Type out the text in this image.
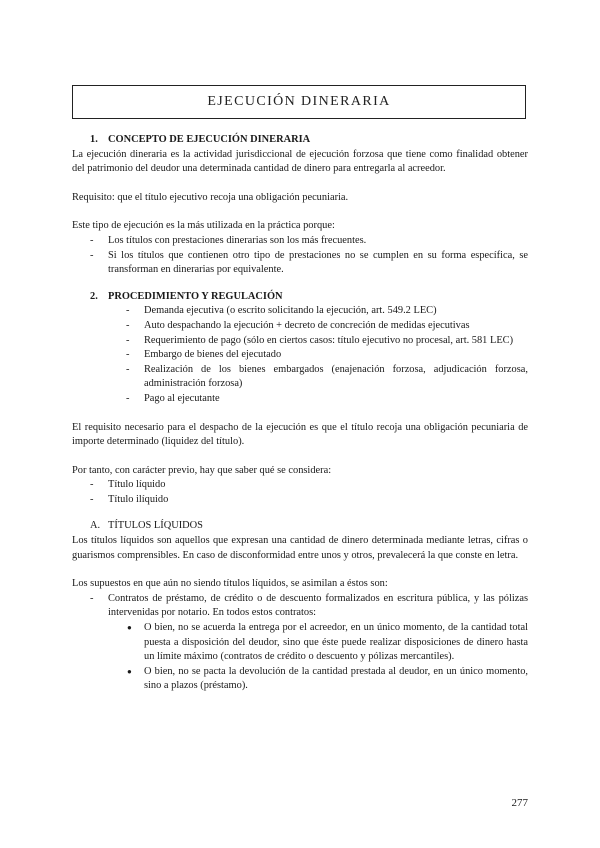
EJECUCIÓN DINERARIA

1. CONCEPTO DE EJECUCIÓN DINERARIA

La ejecución dineraria es la actividad jurisdiccional de ejecución forzosa que tiene como finalidad obtener del patrimonio del deudor una determinada cantidad de dinero para entregarla al acreedor.

Requisito: que el título ejecutivo recoja una obligación pecuniaria.

Este tipo de ejecución es la más utilizada en la práctica porque:

- Los títulos con prestaciones dinerarias son los más frecuentes.
- Si los títulos que contienen otro tipo de prestaciones no se cumplen en su forma específica, se transforman en dinerarias por equivalente.

2. PROCEDIMIENTO Y REGULACIÓN

- Demanda ejecutiva (o escrito solicitando la ejecución, art. 549.2 LEC)
- Auto despachando la ejecución + decreto de concreción de medidas ejecutivas
- Requerimiento de pago (sólo en ciertos casos: título ejecutivo no procesal, art. 581 LEC)
- Embargo de bienes del ejecutado
- Realización de los bienes embargados (enajenación forzosa, adjudicación forzosa, administración forzosa)
- Pago al ejecutante

El requisito necesario para el despacho de la ejecución es que el título recoja una obligación pecuniaria de importe determinado (liquidez del título).

Por tanto, con carácter previo, hay que saber qué se considera:

- Título líquido
- Título ilíquido

A. TÍTULOS LÍQUIDOS

Los títulos líquidos son aquellos que expresan una cantidad de dinero determinada mediante letras, cifras o guarismos comprensibles. En caso de disconformidad entre unos y otros, prevalecerá la que conste en letra.

Los supuestos en que aún no siendo títulos líquidos, se asimilan a éstos son:

- Contratos de préstamo, de crédito o de descuento formalizados en escritura pública, y las pólizas intervenidas por notario. En todos estos contratos:
● O bien, no se acuerda la entrega por el acreedor, en un único momento, de la cantidad total puesta a disposición del deudor, sino que éste puede realizar disposiciones de dinero hasta un límite máximo (contratos de crédito o descuento y pólizas mercantiles).
● O bien, no se pacta la devolución de la cantidad prestada al deudor, en un único momento, sino a plazos (préstamo).
277
